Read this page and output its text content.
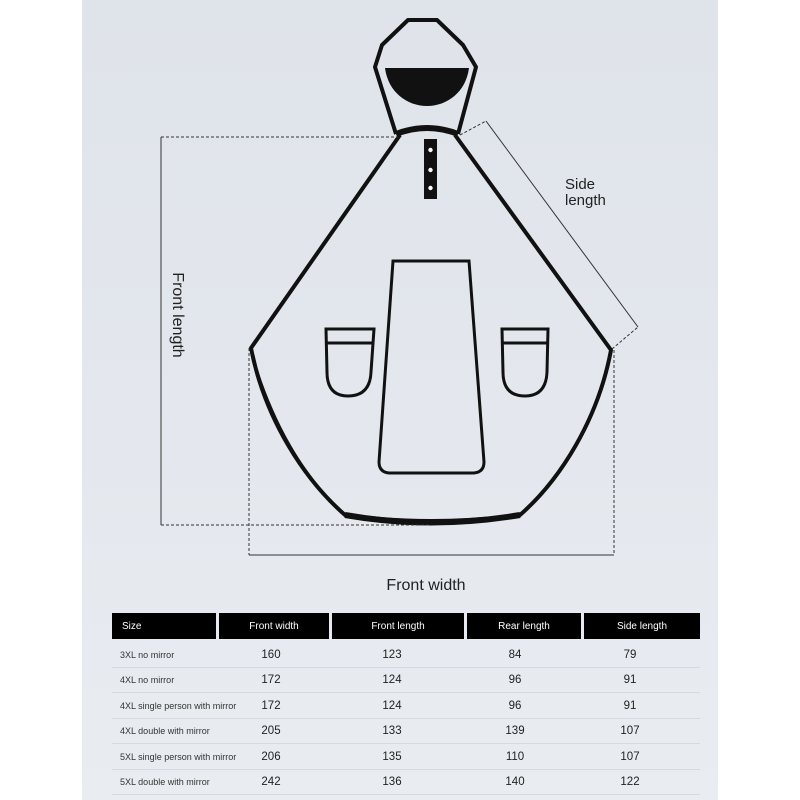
Front length
Side
length
Front width
Size	Front width	Front length	Rear length	Side length
3XL no mirror	160	123	84	79
4XL no mirror	172	124	96	91
4XL single person with mirror	172	124	96	91
4XL double with mirror	205	133	139	107
5XL single person with mirror	206	135	110	107
5XL double with mirror	242	136	140	122
